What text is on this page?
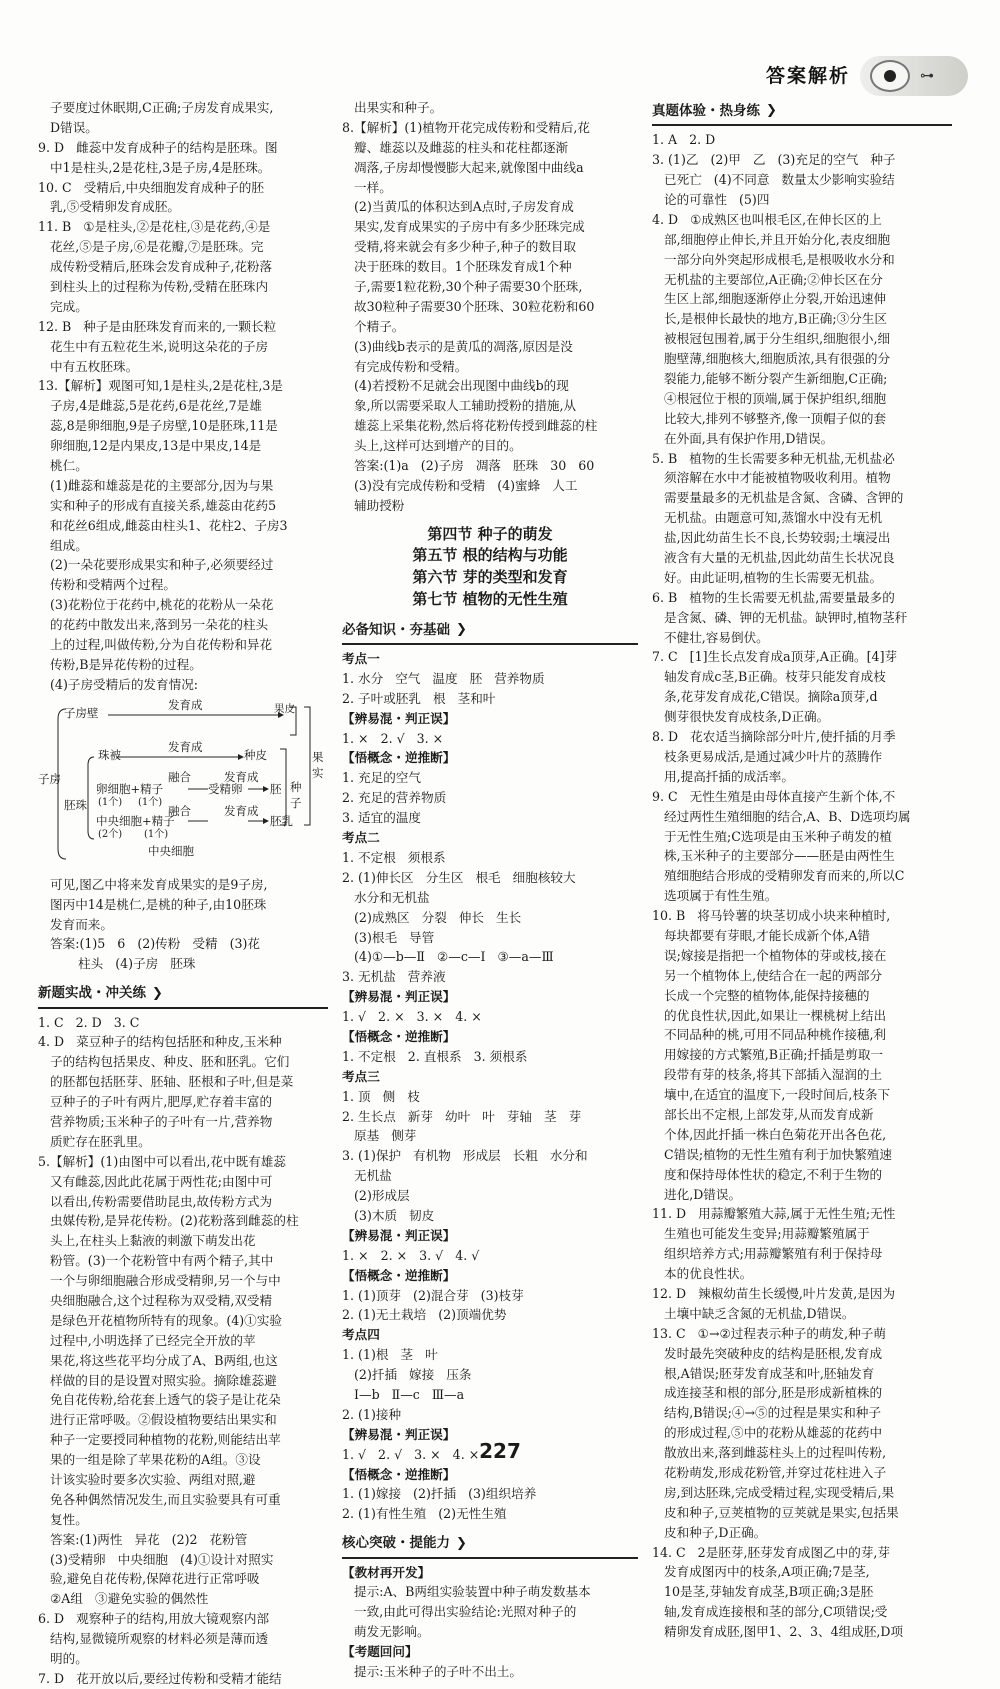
答案解析	⊶
子要度过休眠期,C正确;子房发育成果实,
D错误。
9. D   雌蕊中发育成种子的结构是胚珠。图
中1是柱头,2是花柱,3是子房,4是胚珠。
10. C   受精后,中央细胞发育成种子的胚
乳,⑤受精卵发育成胚。
11. B   ①是柱头,②是花柱,③是花药,④是
花丝,⑤是子房,⑥是花瓣,⑦是胚珠。完
成传粉受精后,胚珠会发育成种子,花粉落
到柱头上的过程称为传粉,受精在胚珠内
完成。
12. B   种子是由胚珠发育而来的,一颗长粒
花生中有五粒花生米,说明这朵花的子房
中有五枚胚珠。
13.【解析】观图可知,1是柱头,2是花柱,3是
子房,4是雌蕊,5是花药,6是花丝,7是雄
蕊,8是卵细胞,9是子房壁,10是胚珠,11是
卵细胞,12是内果皮,13是中果皮,14是
桃仁。
(1)雌蕊和雄蕊是花的主要部分,因为与果
实和种子的形成有直接关系,雄蕊由花药5
和花丝6组成,雌蕊由柱头1、花柱2、子房3
组成。
(2)一朵花要形成果实和种子,必须要经过
传粉和受精两个过程。
(3)花粉位于花药中,桃花的花粉从一朵花
的花药中散发出来,落到另一朵花的柱头
上的过程,叫做传粉,分为自花传粉和异花
传粉,B是异花传粉的过程。
(4)子房受精后的发育情况:
子房
子房壁
发育成	果皮
果
实
胚珠
珠被
发育成
种皮
卵细胞+精子
(1个) (1个)
融合
受精卵
发育成
胚 种
子
中央细胞+精子
(2个) (1个)
融合	发育成
胚乳
中央细胞
可见,图乙中将来发育成果实的是9子房,
图丙中14是桃仁,是桃的种子,由10胚珠
发育而来。
答案:(1)5   6   (2)传粉   受精   (3)花
柱头   (4)子房   胚珠
新题实战・冲关练 ❯
1. C   2. D   3. C
4. D   菜豆种子的结构包括胚和种皮,玉米种
子的结构包括果皮、种皮、胚和胚乳。它们
的胚都包括胚芽、胚轴、胚根和子叶,但是菜
豆种子的子叶有两片,肥厚,贮存着丰富的
营养物质;玉米种子的子叶有一片,营养物
质贮存在胚乳里。
5.【解析】(1)由图中可以看出,花中既有雄蕊
又有雌蕊,因此此花属于两性花;由图中可
以看出,传粉需要借助昆虫,故传粉方式为
虫媒传粉,是异花传粉。(2)花粉落到雌蕊的柱
头上,在柱头上黏液的刺激下萌发出花
粉管。(3)一个花粉管中有两个精子,其中
一个与卵细胞融合形成受精卵,另一个与中
央细胞融合,这个过程称为双受精,双受精
是绿色开花植物所特有的现象。(4)①实验
过程中,小明选择了已经完全开放的苹
果花,将这些花平均分成了A、B两组,也这
样做的目的是设置对照实验。摘除雄蕊避
免自花传粉,给花套上透气的袋子是让花朵
进行正常呼吸。②假设植物要结出果实和
种子一定要授同种植物的花粉,则能结出苹
果的一组是除了苹果花粉的A组。③设
计该实验时要多次实验、两组对照,避
免各种偶然情况发生,而且实验要具有可重
复性。
答案:(1)两性   异花   (2)2   花粉管
(3)受精卵   中央细胞   (4)①设计对照实
验,避免自花传粉,保障花进行正常呼吸
②A组   ③避免实验的偶然性
6. D   观察种子的结构,用放大镜观察内部
结构,显微镜所观察的材料必须是薄而透
明的。
7. D   花开放以后,要经过传粉和受精才能结
出果实和种子。
8.【解析】(1)植物开花完成传粉和受精后,花
瓣、雄蕊以及雌蕊的柱头和花柱都逐渐
凋落,子房却慢慢膨大起来,就像图中曲线a
一样。
(2)当黄瓜的体积达到A点时,子房发育成
果实,发育成果实的子房中有多少胚珠完成
受精,将来就会有多少种子,种子的数目取
决于胚珠的数目。1个胚珠发育成1个种
子,需要1粒花粉,30个种子需要30个胚珠,
故30粒种子需要30个胚珠、30粒花粉和60
个精子。
(3)曲线b表示的是黄瓜的凋落,原因是没
有完成传粉和受精。
(4)若授粉不足就会出现图中曲线b的现
象,所以需要采取人工辅助授粉的措施,从
雄蕊上采集花粉,然后将花粉传授到雌蕊的柱
头上,这样可达到增产的目的。
答案:(1)a   (2)子房   凋落   胚珠   30   60
(3)没有完成传粉和受精   (4)蜜蜂   人工
辅助授粉
第四节 种子的萌发
第五节 根的结构与功能
第六节 芽的类型和发育
第七节 植物的无性生殖
必备知识・夯基础 ❯
考点一
1. 水分   空气   温度   胚   营养物质
2. 子叶或胚乳   根   茎和叶
【辨易混・判正误】
1. ×   2. √   3. ×
【悟概念・逆推断】
1. 充足的空气
2. 充足的营养物质
3. 适宜的温度
考点二
1. 不定根   须根系
2. (1)伸长区   分生区   根毛   细胞核较大
水分和无机盐
(2)成熟区   分裂   伸长   生长
(3)根毛   导管
(4)①—b—Ⅱ   ②—c—Ⅰ   ③—a—Ⅲ
3. 无机盐   营养液
【辨易混・判正误】
1. √   2. ×   3. ×   4. ×
【悟概念・逆推断】
1. 不定根   2. 直根系   3. 须根系
考点三
1. 顶   侧   枝
2. 生长点   新芽   幼叶   叶   芽轴   茎   芽
原基   侧芽
3. (1)保护   有机物   形成层   长粗   水分和
无机盐
(2)形成层
(3)木质   韧皮
【辨易混・判正误】
1. ×   2. ×   3. √   4. √
【悟概念・逆推断】
1. (1)顶芽   (2)混合芽   (3)枝芽
2. (1)无土栽培   (2)顶端优势
考点四
1. (1)根   茎   叶
(2)扦插   嫁接   压条
Ⅰ—b   Ⅱ—c   Ⅲ—a
2. (1)接种
【辨易混・判正误】
1. √   2. √   3. ×   4. ×
【悟概念・逆推断】
1. (1)嫁接   (2)扦插   (3)组织培养
2. (1)有性生殖   (2)无性生殖
核心突破・提能力 ❯
【教材再开发】
提示:A、B两组实验装置中种子萌发数基本
一致,由此可得出实验结论:光照对种子的
萌发无影响。
【考题回问】
提示:玉米种子的子叶不出土。
真题体验・热身练 ❯
1. A   2. D
3. (1)乙   (2)甲   乙   (3)充足的空气   种子
已死亡   (4)不同意   数量太少影响实验结
论的可靠性   (5)四
4. D   ①成熟区也叫根毛区,在伸长区的上
部,细胞停止伸长,并且开始分化,表皮细胞
一部分向外突起形成根毛,是根吸收水分和
无机盐的主要部位,A正确;②伸长区在分
生区上部,细胞逐渐停止分裂,开始迅速伸
长,是根伸长最快的地方,B正确;③分生区
被根冠包围着,属于分生组织,细胞很小,细
胞壁薄,细胞核大,细胞质浓,具有很强的分
裂能力,能够不断分裂产生新细胞,C正确;
④根冠位于根的顶端,属于保护组织,细胞
比较大,排列不够整齐,像一顶帽子似的套
在外面,具有保护作用,D错误。
5. B   植物的生长需要多种无机盐,无机盐必
须溶解在水中才能被植物吸收利用。植物
需要量最多的无机盐是含氮、含磷、含钾的
无机盐。由题意可知,蒸馏水中没有无机
盐,因此幼苗生长不良,长势较弱;土壤浸出
液含有大量的无机盐,因此幼苗生长状况良
好。由此证明,植物的生长需要无机盐。
6. B   植物的生长需要无机盐,需要量最多的
是含氮、磷、钾的无机盐。缺钾时,植物茎秆
不健壮,容易倒伏。
7. C   [1]生长点发育成a顶芽,A正确。[4]芽
轴发育成c茎,B正确。枝芽只能发育成枝
条,花芽发育成花,C错误。摘除a顶芽,d
侧芽很快发育成枝条,D正确。
8. D   花农适当摘除部分叶片,使扦插的月季
枝条更易成活,是通过减少叶片的蒸腾作
用,提高扦插的成活率。
9. C   无性生殖是由母体直接产生新个体,不
经过两性生殖细胞的结合,A、B、D选项均属
于无性生殖;C选项是由玉米种子萌发的植
株,玉米种子的主要部分——胚是由两性生
殖细胞结合形成的受精卵发育而来的,所以C
选项属于有性生殖。
10. B   将马铃薯的块茎切成小块来种植时,
每块都要有芽眼,才能长成新个体,A错
误;嫁接是指把一个植物体的芽或枝,接在
另一个植物体上,使结合在一起的两部分
长成一个完整的植物体,能保持接穗的
的优良性状,因此,如果让一棵桃树上结出
不同品种的桃,可用不同品种桃作接穗,利
用嫁接的方式繁殖,B正确;扦插是剪取一
段带有芽的枝条,将其下部插入湿润的土
壤中,在适宜的温度下,一段时间后,枝条下
部长出不定根,上部发芽,从而发育成新
个体,因此扦插一株白色菊花开出各色花,
C错误;植物的无性生殖有利于加快繁殖速
度和保持母体性状的稳定,不利于生物的
进化,D错误。
11. D   用蒜瓣繁殖大蒜,属于无性生殖;无性
生殖也可能发生变异;用蒜瓣繁殖属于
组织培养方式;用蒜瓣繁殖有利于保持母
本的优良性状。
12. D   辣椒幼苗生长缓慢,叶片发黄,是因为
土壤中缺乏含氮的无机盐,D错误。
13. C   ①→②过程表示种子的萌发,种子萌
发时最先突破种皮的结构是胚根,发育成
根,A错误;胚芽发育成茎和叶,胚轴发育
成连接茎和根的部分,胚是形成新植株的
结构,B错误;④→⑤的过程是果实和种子
的形成过程,⑤中的花粉从雄蕊的花药中
散放出来,落到雌蕊柱头上的过程叫传粉,
花粉萌发,形成花粉管,并穿过花柱进入子
房,到达胚珠,完成受精过程,实现受精后,果
皮和种子,豆荚植物的豆荚就是果实,包括果
皮和种子,D正确。
14. C   2是胚芽,胚芽发育成图乙中的芽,芽
发育成图丙中的枝条,A项正确;7是茎,
10是茎,芽轴发育成茎,B项正确;3是胚
轴,发育成连接根和茎的部分,C项错误;受
精卵发育成胚,图甲1、2、3、4组成胚,D项
227
